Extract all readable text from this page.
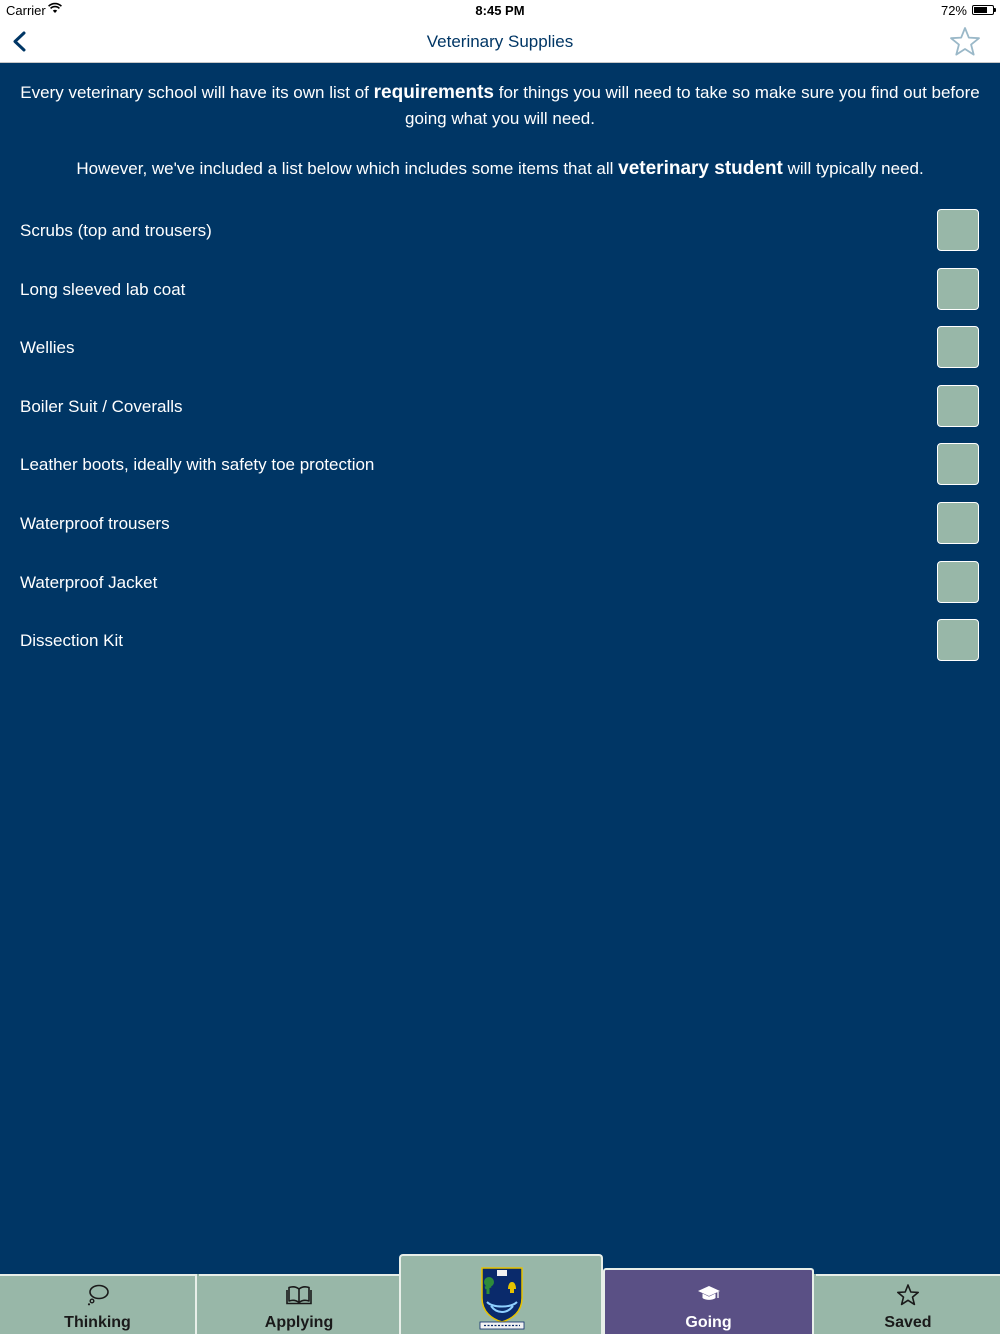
Carrier	8:45 PM	72%
Veterinary Supplies

Every veterinary school will have its own list of requirements for things you will need to take so make sure you find out before going what you will need.

However, we've included a list below which includes some items that all veterinary student will typically need.

Scrubs (top and trousers)
Long sleeved lab coat
Wellies
Boiler Suit / Coveralls
Leather boots, ideally with safety toe protection
Waterproof trousers
Waterproof Jacket
Dissection Kit
Thinking	Applying	Going	Saved
